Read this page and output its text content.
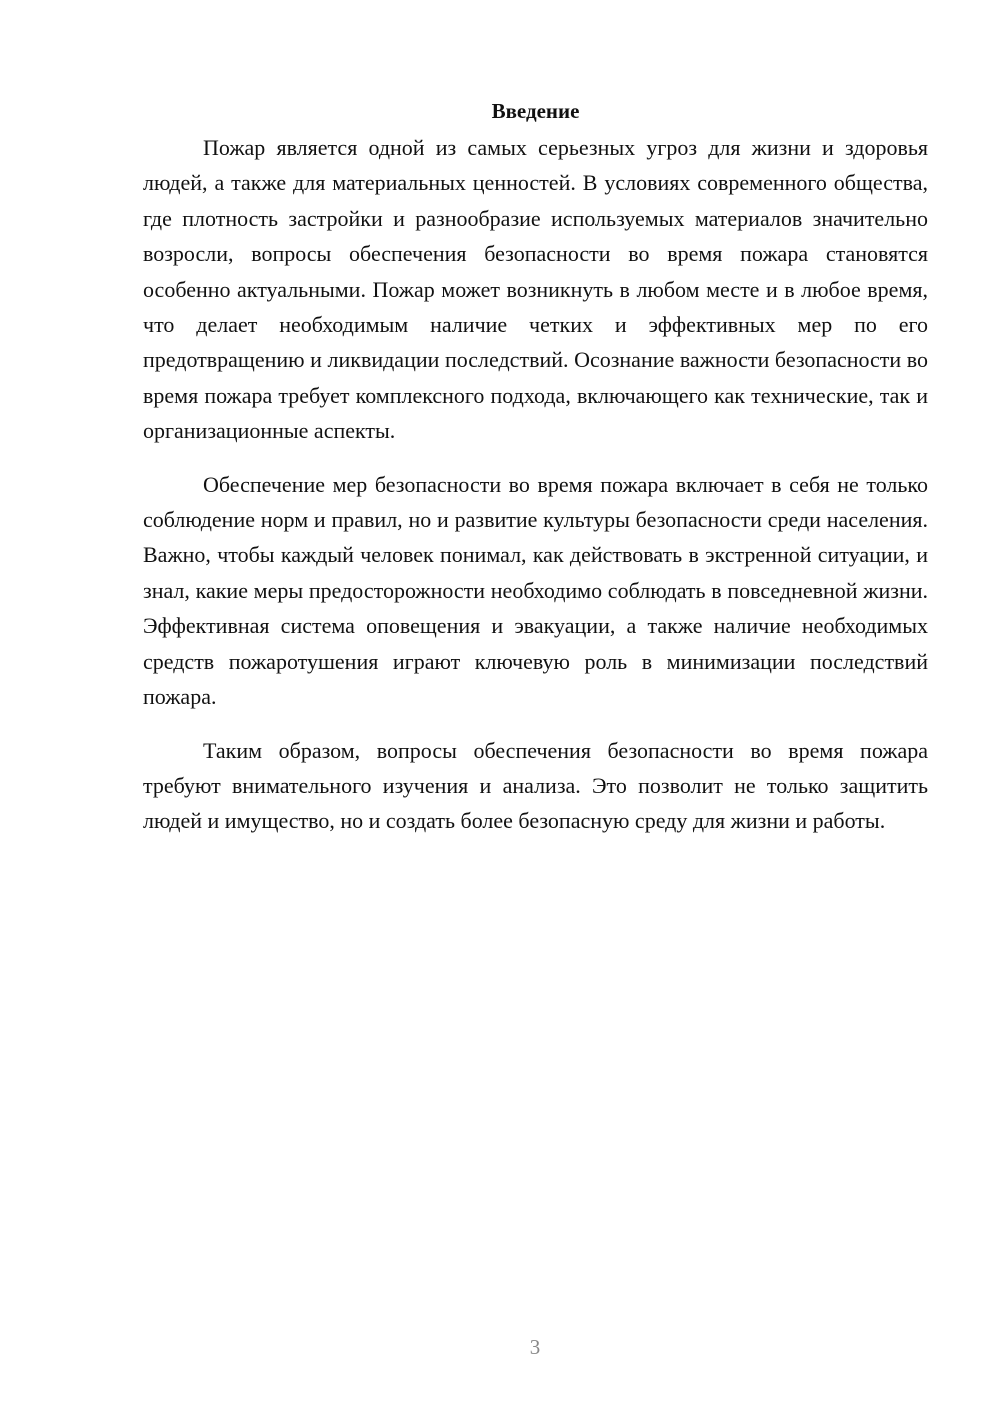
Введение

Пожар является одной из самых серьезных угроз для жизни и здоровья людей, а также для материальных ценностей. В условиях современного общества, где плотность застройки и разнообразие используемых материалов значительно возросли, вопросы обеспечения безопасности во время пожара становятся особенно актуальными. Пожар может возникнуть в любом месте и в любое время, что делает необходимым наличие четких и эффективных мер по его предотвращению и ликвидации последствий. Осознание важности безопасности во время пожара требует комплексного подхода, включающего как технические, так и организационные аспекты.

Обеспечение мер безопасности во время пожара включает в себя не только соблюдение норм и правил, но и развитие культуры безопасности среди населения. Важно, чтобы каждый человек понимал, как действовать в экстренной ситуации, и знал, какие меры предосторожности необходимо соблюдать в повседневной жизни. Эффективная система оповещения и эвакуации, а также наличие необходимых средств пожаротушения играют ключевую роль в минимизации последствий пожара.

Таким образом, вопросы обеспечения безопасности во время пожара требуют внимательного изучения и анализа. Это позволит не только защитить людей и имущество, но и создать более безопасную среду для жизни и работы.

3
